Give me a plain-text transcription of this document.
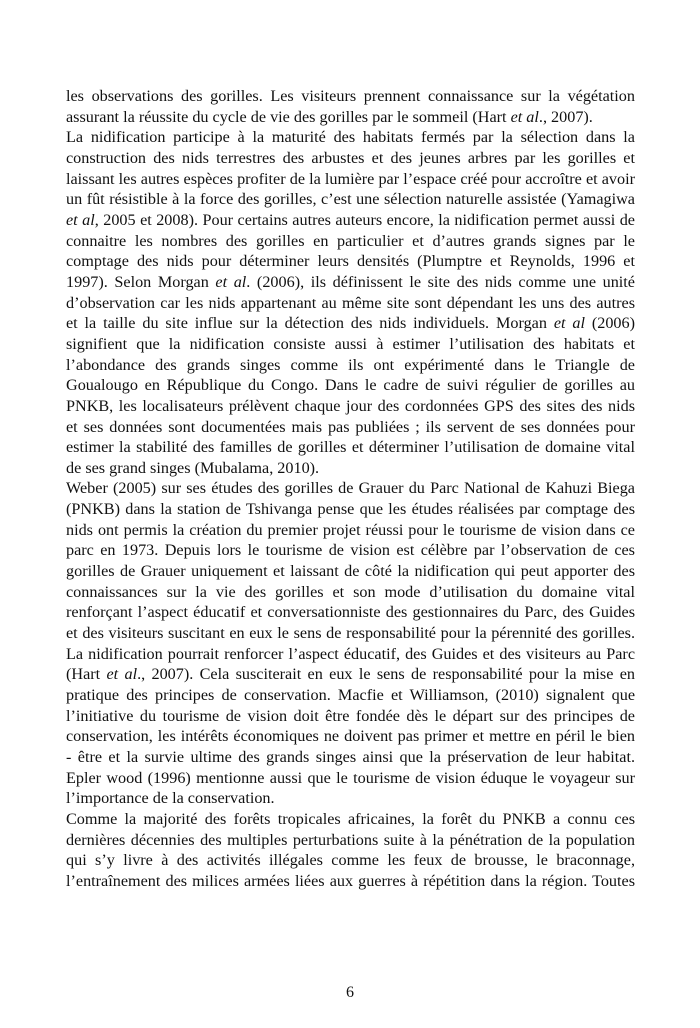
les observations des gorilles. Les visiteurs prennent connaissance sur la végétation
assurant la réussite du cycle de vie des gorilles par le sommeil (Hart et al., 2007).

La nidification participe à la maturité des habitats fermés par la sélection dans la
construction des nids terrestres des arbustes et des jeunes arbres par les gorilles et
laissant les autres espèces profiter de la lumière par l’espace créé pour accroître et avoir
un fût résistible à la force des gorilles, c’est une sélection naturelle assistée (Yamagiwa
et al, 2005 et 2008). Pour certains autres auteurs encore, la nidification permet aussi de
connaitre les nombres des gorilles en particulier et d’autres grands signes par le
comptage des nids pour déterminer leurs densités (Plumptre et Reynolds, 1996 et
1997). Selon Morgan et al. (2006), ils définissent le site des nids comme une unité
d’observation car les nids appartenant au même site sont dépendant les uns des autres
et la taille du site influe sur la détection des nids individuels. Morgan et al (2006)
signifient que la nidification consiste aussi à estimer l’utilisation des habitats et
l’abondance des grands singes comme ils ont expérimenté dans le Triangle de
Goualougo en République du Congo. Dans le cadre de suivi régulier de gorilles au
PNKB, les localisateurs prélèvent chaque jour des cordonnées GPS des sites des nids
et ses données sont documentées mais pas publiées ; ils servent de ses données pour
estimer la stabilité des familles de gorilles et déterminer l’utilisation de domaine vital
de ses grand singes (Mubalama, 2010).

Weber (2005) sur ses études des gorilles de Grauer du Parc National de Kahuzi Biega
(PNKB) dans la station de Tshivanga pense que les études réalisées par comptage des
nids ont permis la création du premier projet réussi pour le tourisme de vision dans ce
parc en 1973. Depuis lors le tourisme de vision est célèbre par l’observation de ces
gorilles de Grauer uniquement et laissant de côté la nidification qui peut apporter des
connaissances sur la vie des gorilles et son mode d’utilisation du domaine vital
renforçant l’aspect éducatif et conversationniste des gestionnaires du Parc, des Guides
et des visiteurs suscitant en eux le sens de responsabilité pour la pérennité des gorilles.
La nidification pourrait renforcer l’aspect éducatif, des Guides et des visiteurs au Parc
(Hart et al., 2007). Cela susciterait en eux le sens de responsabilité pour la mise en
pratique des principes de conservation. Macfie et Williamson, (2010) signalent que
l’initiative du tourisme de vision doit être fondée dès le départ sur des principes de
conservation, les intérêts économiques ne doivent pas primer et mettre en péril le bien
- être et la survie ultime des grands singes ainsi que la préservation de leur habitat.
Epler wood (1996) mentionne aussi que le tourisme de vision éduque le voyageur sur
l’importance de la conservation.

Comme la majorité des forêts tropicales africaines, la forêt du PNKB a connu ces
dernières décennies des multiples perturbations suite à la pénétration de la population
qui s’y livre à des activités illégales comme les feux de brousse, le braconnage,
l’entraînement des milices armées liées aux guerres à répétition dans la région. Toutes

6
